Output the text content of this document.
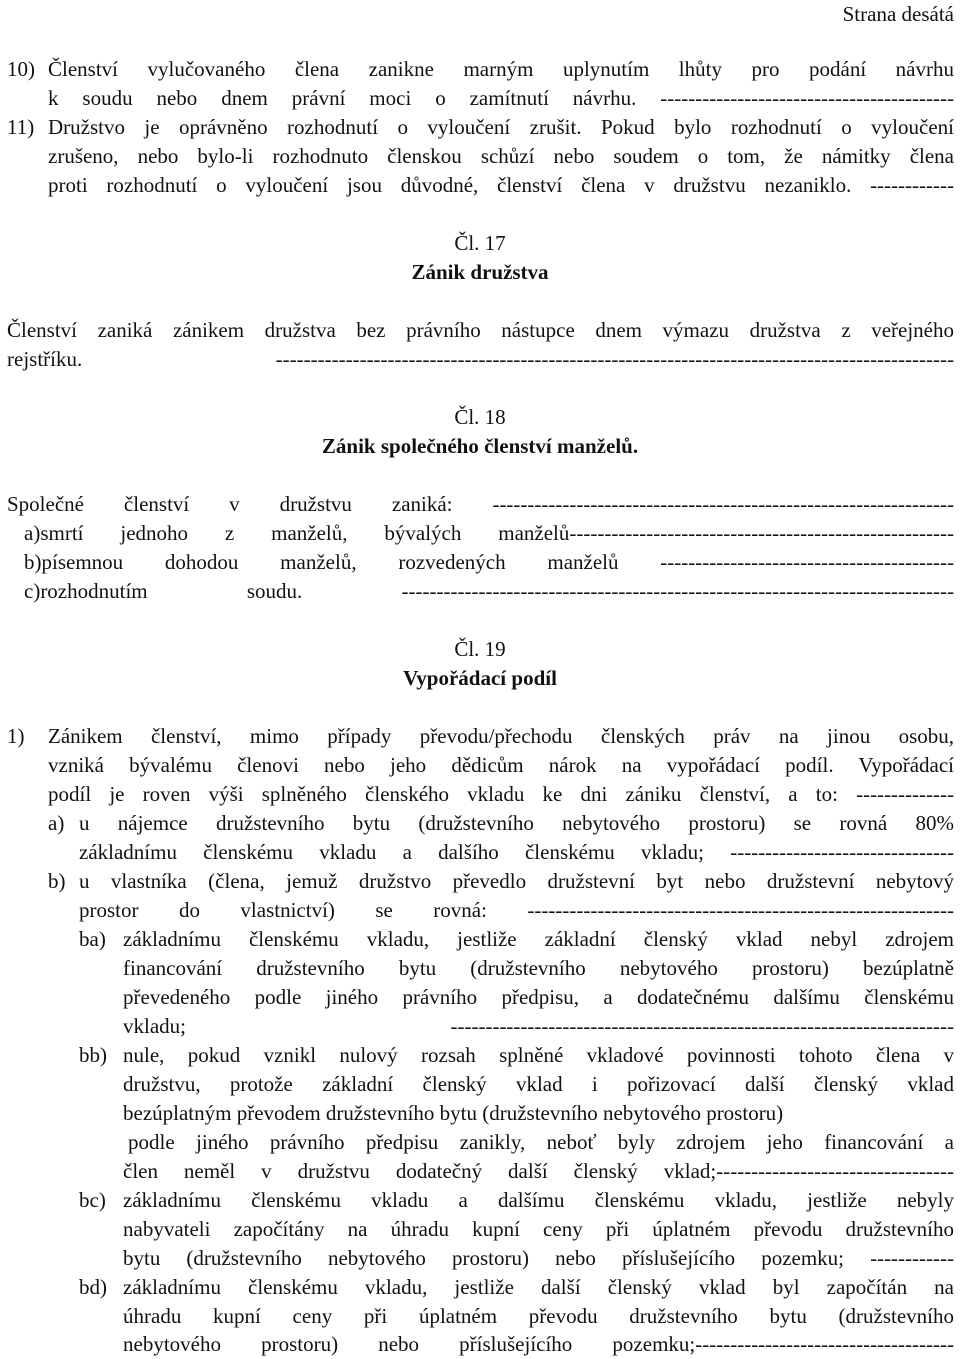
Strana desátá
10) Členství vylučovaného člena zanikne marným uplynutím lhůty pro podání návrhu
k soudu nebo dnem právní moci o zamítnutí návrhu. ------------------------------------------
11) Družstvo je oprávněno rozhodnutí o vyloučení zrušit. Pokud bylo rozhodnutí o vyloučení
zrušeno, nebo bylo-li rozhodnuto členskou schůzí nebo soudem o tom, že námitky člena
proti rozhodnutí o vyloučení jsou důvodné, členství člena v družstvu nezaniklo. ------------
Čl. 17
Zánik družstva
Členství zaniká zánikem družstva bez právního nástupce dnem výmazu družstva z veřejného
rejstříku. -------------------------------------------------------------------------------------------------
Čl. 18
Zánik společného členství manželů.
Společné členství v družstvu zaniká: ------------------------------------------------------------------
a)smrtí jednoho z manželů, bývalých manželů-------------------------------------------------------
b)písemnou dohodou manželů, rozvedených manželů ------------------------------------------
c)rozhodnutím soudu. -------------------------------------------------------------------------------
Čl. 19
Vypořádací podíl
1) Zánikem členství, mimo případy převodu/přechodu členských práv na jinou osobu,
vzniká bývalému členovi nebo jeho dědicům nárok na vypořádací podíl. Vypořádací
podíl je roven výši splněného členského vkladu ke dni zániku členství, a to: --------------
a) u nájemce družstevního bytu (družstevního nebytového prostoru) se rovná 80%
základnímu členskému vkladu a dalšího členskému vkladu; --------------------------------
b) u vlastníka (člena, jemuž družstvo převedlo družstevní byt nebo družstevní nebytový
prostor do vlastnictví) se rovná: -------------------------------------------------------------
ba) základnímu členskému vkladu, jestliže základní členský vklad nebyl zdrojem
financování družstevního bytu (družstevního nebytového prostoru) bezúplatně
převedeného podle jiného právního předpisu, a dodatečnému dalšímu členskému
vkladu; ------------------------------------------------------------------------
bb) nule, pokud vznikl nulový rozsah splněné vkladové povinnosti tohoto člena v
družstvu, protože základní členský vklad i pořizovací další členský vklad
bezúplatným převodem družstevního bytu (družstevního nebytového prostoru)
podle jiného právního předpisu zanikly, neboť byly zdrojem jeho financování a
člen neměl v družstvu dodatečný další členský vklad;----------------------------------
bc) základnímu členskému vkladu a dalšímu členskému vkladu, jestliže nebyly
nabyvateli započítány na úhradu kupní ceny při úplatném převodu družstevního
bytu (družstevního nebytového prostoru) nebo příslušejícího pozemku; ------------
bd) základnímu členskému vkladu, jestliže další členský vklad byl započítán na
úhradu kupní ceny při úplatném převodu družstevního bytu (družstevního
nebytového prostoru) nebo příslušejícího pozemku;-------------------------------------
